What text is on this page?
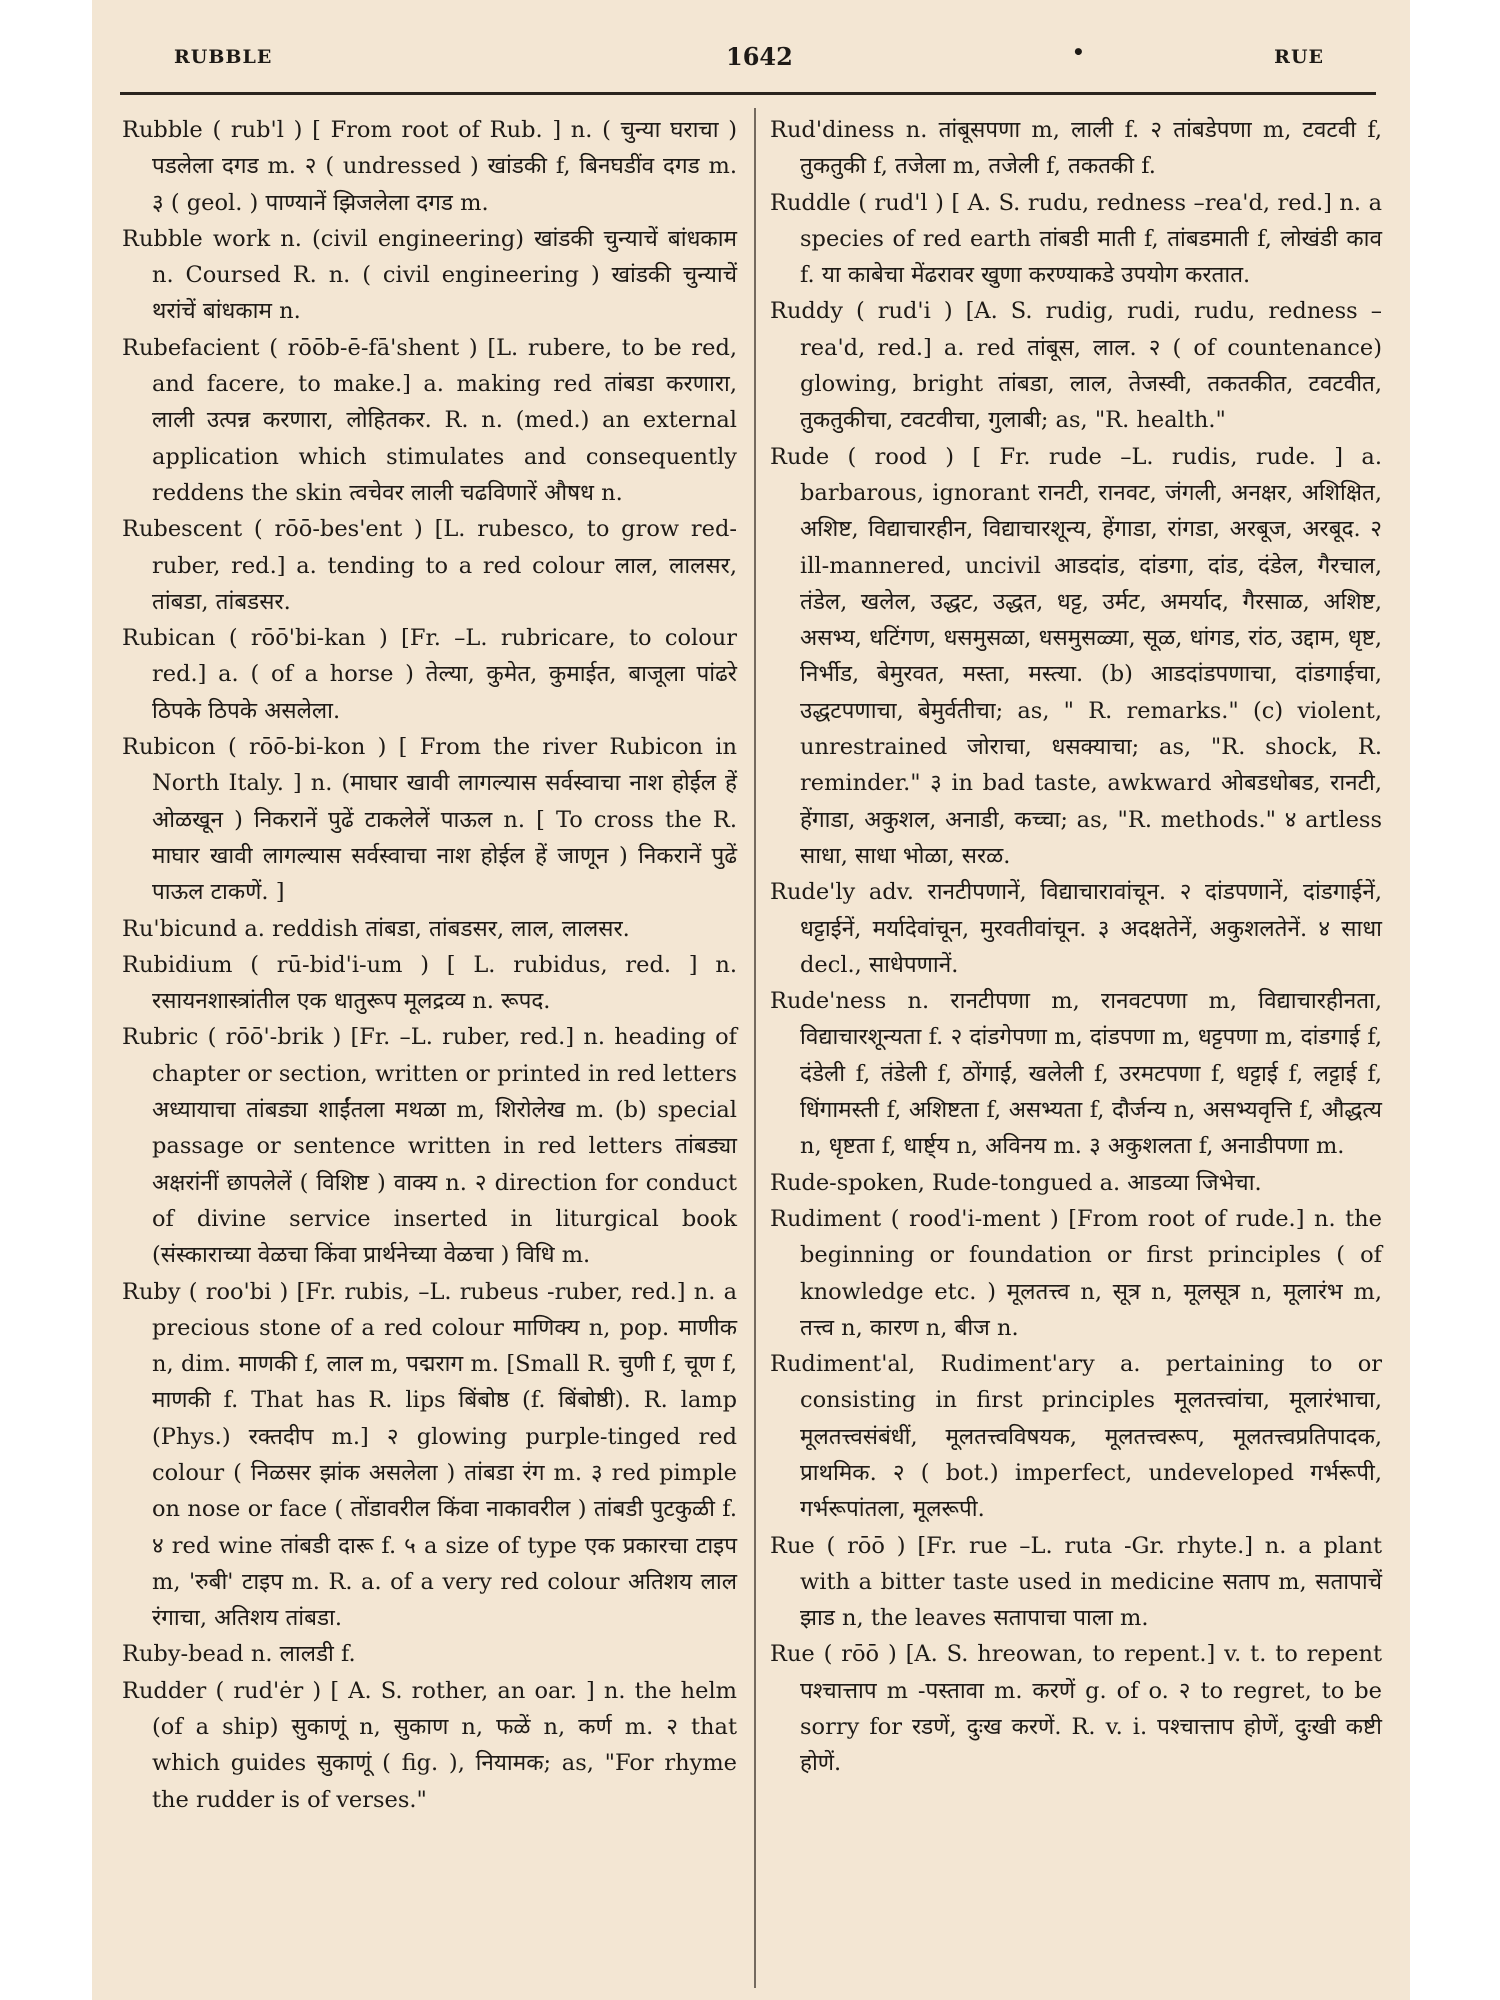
RUBBLE	1642	•	RUE

Rubble ( rub'l ) [ From root of Rub. ] n. ( चुन्या घराचा ) पडलेला दगड m. २ ( undressed ) खांडकी f, बिनघडींव दगड m. ३ ( geol. ) पाण्यानें झिजलेला दगड m.

Rubble work n. (civil engineering) खांडकी चुन्याचें बांधकाम n. Coursed R. n. ( civil engineering ) खांडकी चुन्याचें थरांचें बांधकाम n.

Rubefacient ( rōōb-ē-fā'shent ) [L. rubere, to be red, and facere, to make.] a. making red तांबडा करणारा, लाली उत्पन्न करणारा, लोहितकर. R. n. (med.) an external application which stimulates and consequently reddens the skin त्वचेवर लाली चढविणारें औषध n.

Rubescent ( rōō-bes'ent ) [L. rubesco, to grow red- ruber, red.] a. tending to a red colour लाल, लालसर, तांबडा, तांबडसर.

Rubican ( rōō'bi-kan ) [Fr. –L. rubricare, to colour red.] a. ( of a horse ) तेल्या, कुमेत, कुमाईत, बाजूला पांढरे ठिपके ठिपके असलेला.

Rubicon ( rōō-bi-kon ) [ From the river Rubicon in North Italy. ] n. (माघार खावी लागल्यास सर्वस्वाचा नाश होईल हें ओळखून ) निकरानें पुढें टाकलेलें पाऊल n. [ To cross the R. माघार खावी लागल्यास सर्वस्वाचा नाश होईल हें जाणून ) निकरानें पुढें पाऊल टाकणें. ]

Ru'bicund a. reddish तांबडा, तांबडसर, लाल, लालसर.

Rubidium ( rū-bid'i-um ) [ L. rubidus, red. ] n. रसायनशास्त्रांतील एक धातुरूप मूलद्रव्य n. रूपद.

Rubric ( rōō'-brik ) [Fr. –L. ruber, red.] n. heading of chapter or section, written or printed in red letters अध्यायाचा तांबड्या शाईंतला मथळा m, शिरोलेख m. (b) special passage or sentence written in red letters तांबड्या अक्षरांनीं छापलेलें ( विशिष्ट ) वाक्य n. २ direction for conduct of divine service inserted in liturgical book (संस्काराच्या वेळचा किंवा प्रार्थनेच्या वेळचा ) विधि m.

Ruby ( roo'bi ) [Fr. rubis, –L. rubeus -ruber, red.] n. a precious stone of a red colour माणिक्य n, pop. माणीक n, dim. माणकी f, लाल m, पद्मराग m. [Small R. चुणी f, चूण f, माणकी f. That has R. lips बिंबोष्ठ (f. बिंबोष्ठी). R. lamp (Phys.) रक्तदीप m.] २ glowing purple-tinged red colour ( निळसर झांक असलेला ) तांबडा रंग m. ३ red pimple on nose or face ( तोंडावरील किंवा नाकावरील ) तांबडी पुटकुळी f. ४ red wine तांबडी दारू f. ५ a size of type एक प्रकारचा टाइप m, 'रुबी' टाइप m. R. a. of a very red colour अतिशय लाल रंगाचा, अतिशय तांबडा.

Ruby-bead n. लालडी f.

Rudder ( rud'ėr ) [ A. S. rother, an oar. ] n. the helm (of a ship) सुकाणूं n, सुकाण n, फळें n, कर्ण m. २ that which guides सुकाणूं ( fig. ), नियामक; as, "For rhyme the rudder is of verses."

Rud'diness n. तांबूसपणा m, लाली f. २ तांबडेपणा m, टवटवी f, तुकतुकी f, तजेला m, तजेली f, तकतकी f.

Ruddle ( rud'l ) [ A. S. rudu, redness –rea'd, red.] n. a species of red earth तांबडी माती f, तांबडमाती f, लोखंडी काव f. या काबेचा मेंढरावर खुणा करण्याकडे उपयोग करतात.

Ruddy ( rud'i ) [A. S. rudig, rudi, rudu, redness –rea'd, red.] a. red तांबूस, लाल. २ ( of countenance) glowing, bright तांबडा, लाल, तेजस्वी, तकतकीत, टवटवीत, तुकतुकीचा, टवटवीचा, गुलाबी; as, "R. health."

Rude ( rood ) [ Fr. rude –L. rudis, rude. ] a. barbarous, ignorant रानटी, रानवट, जंगली, अनक्षर, अशिक्षित, अशिष्ट, विद्याचारहीन, विद्याचारशून्य, हेंगाडा, रांगडा, अरबूज, अरबूद. २ ill-mannered, uncivil आडदांड, दांडगा, दांड, दंडेल, गैरचाल, तंडेल, खलेल, उद्धट, उद्धत, धट्ट, उर्मट, अमर्याद, गैरसाळ, अशिष्ट, असभ्य, धटिंगण, धसमुसळा, धसमुसळ्या, सूळ, धांगड, रांठ, उद्दाम, धृष्ट, निर्भीड, बेमुरवत, मस्ता, मस्त्या. (b) आडदांडपणाचा, दांडगाईचा, उद्धटपणाचा, बेमुर्वतीचा; as, " R. remarks." (c) violent, unrestrained जोराचा, धसक्याचा; as, "R. shock, R. reminder." ३ in bad taste, awkward ओबडधोबड, रानटी, हेंगाडा, अकुशल, अनाडी, कच्चा; as, "R. methods." ४ artless साधा, साधा भोळा, सरळ.

Rude'ly adv. रानटीपणानें, विद्याचारावांचून. २ दांडपणानें, दांडगाईनें, धट्टाईनें, मर्यादेवांचून, मुरवतीवांचून. ३ अदक्षतेनें, अकुशलतेनें. ४ साधा decl., साधेपणानें.

Rude'ness n. रानटीपणा m, रानवटपणा m, विद्याचारहीनता, विद्याचारशून्यता f. २ दांडगेपणा m, दांडपणा m, धट्टपणा m, दांडगाई f, दंडेली f, तंडेली f, ठोंगाई, खलेली f, उरमटपणा f, धट्टाई f, लट्टाई f, धिंगामस्ती f, अशिष्टता f, असभ्यता f, दौर्जन्य n, असभ्यवृत्ति f, औद्धत्य n, धृष्टता f, धार्ष्ट्य n, अविनय m. ३ अकुशलता f, अनाडीपणा m.

Rude-spoken, Rude-tongued a. आडव्या जिभेचा.

Rudiment ( rood'i-ment ) [From root of rude.] n. the beginning or foundation or first principles ( of knowledge etc. ) मूलतत्त्व n, सूत्र n, मूलसूत्र n, मूलारंभ m, तत्त्व n, कारण n, बीज n.

Rudiment'al, Rudiment'ary a. pertaining to or consisting in first principles मूलतत्त्वांचा, मूलारंभाचा, मूलतत्त्वसंबंधीं, मूलतत्त्वविषयक, मूलतत्त्वरूप, मूलतत्त्वप्रतिपादक, प्राथमिक. २ ( bot.) imperfect, undeveloped गर्भरूपी, गर्भरूपांतला, मूलरूपी.

Rue ( rōō ) [Fr. rue –L. ruta -Gr. rhyte.] n. a plant with a bitter taste used in medicine सताप m, सतापाचें झाड n, the leaves सतापाचा पाला m.

Rue ( rōō ) [A. S. hreowan, to repent.] v. t. to repent पश्चात्ताप m -पस्तावा m. करणें g. of o. २ to regret, to be sorry for रडणें, दुःख करणें. R. v. i. पश्चात्ताप होणें, दुःखी कष्टी होणें.
